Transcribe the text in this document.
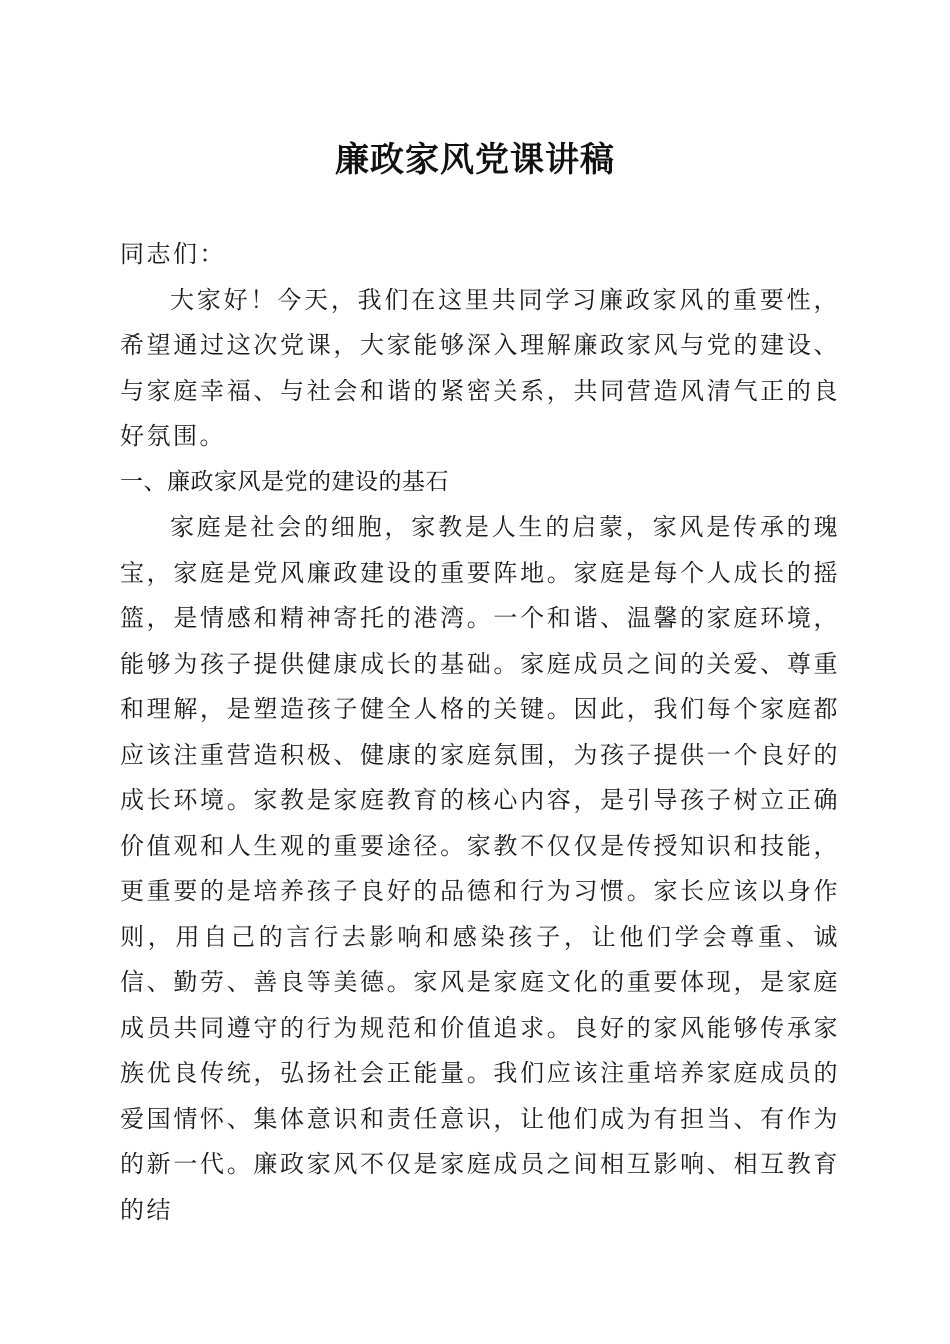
廉政家风党课讲稿

同志们：

大家好！今天，我们在这里共同学习廉政家风的重要性，希望通过这次党课，大家能够深入理解廉政家风与党的建设、与家庭幸福、与社会和谐的紧密关系，共同营造风清气正的良好氛围。

一、廉政家风是党的建设的基石

家庭是社会的细胞，家教是人生的启蒙，家风是传承的瑰宝，家庭是党风廉政建设的重要阵地。家庭是每个人成长的摇篮，是情感和精神寄托的港湾。一个和谐、温馨的家庭环境，能够为孩子提供健康成长的基础。家庭成员之间的关爱、尊重和理解，是塑造孩子健全人格的关键。因此，我们每个家庭都应该注重营造积极、健康的家庭氛围，为孩子提供一个良好的成长环境。家教是家庭教育的核心内容，是引导孩子树立正确价值观和人生观的重要途径。家教不仅仅是传授知识和技能，更重要的是培养孩子良好的品德和行为习惯。家长应该以身作则，用自己的言行去影响和感染孩子，让他们学会尊重、诚信、勤劳、善良等美德。家风是家庭文化的重要体现，是家庭成员共同遵守的行为规范和价值追求。良好的家风能够传承家族优良传统，弘扬社会正能量。我们应该注重培养家庭成员的爱国情怀、集体意识和责任意识，让他们成为有担当、有作为的新一代。廉政家风不仅是家庭成员之间相互影响、相互教育的结
